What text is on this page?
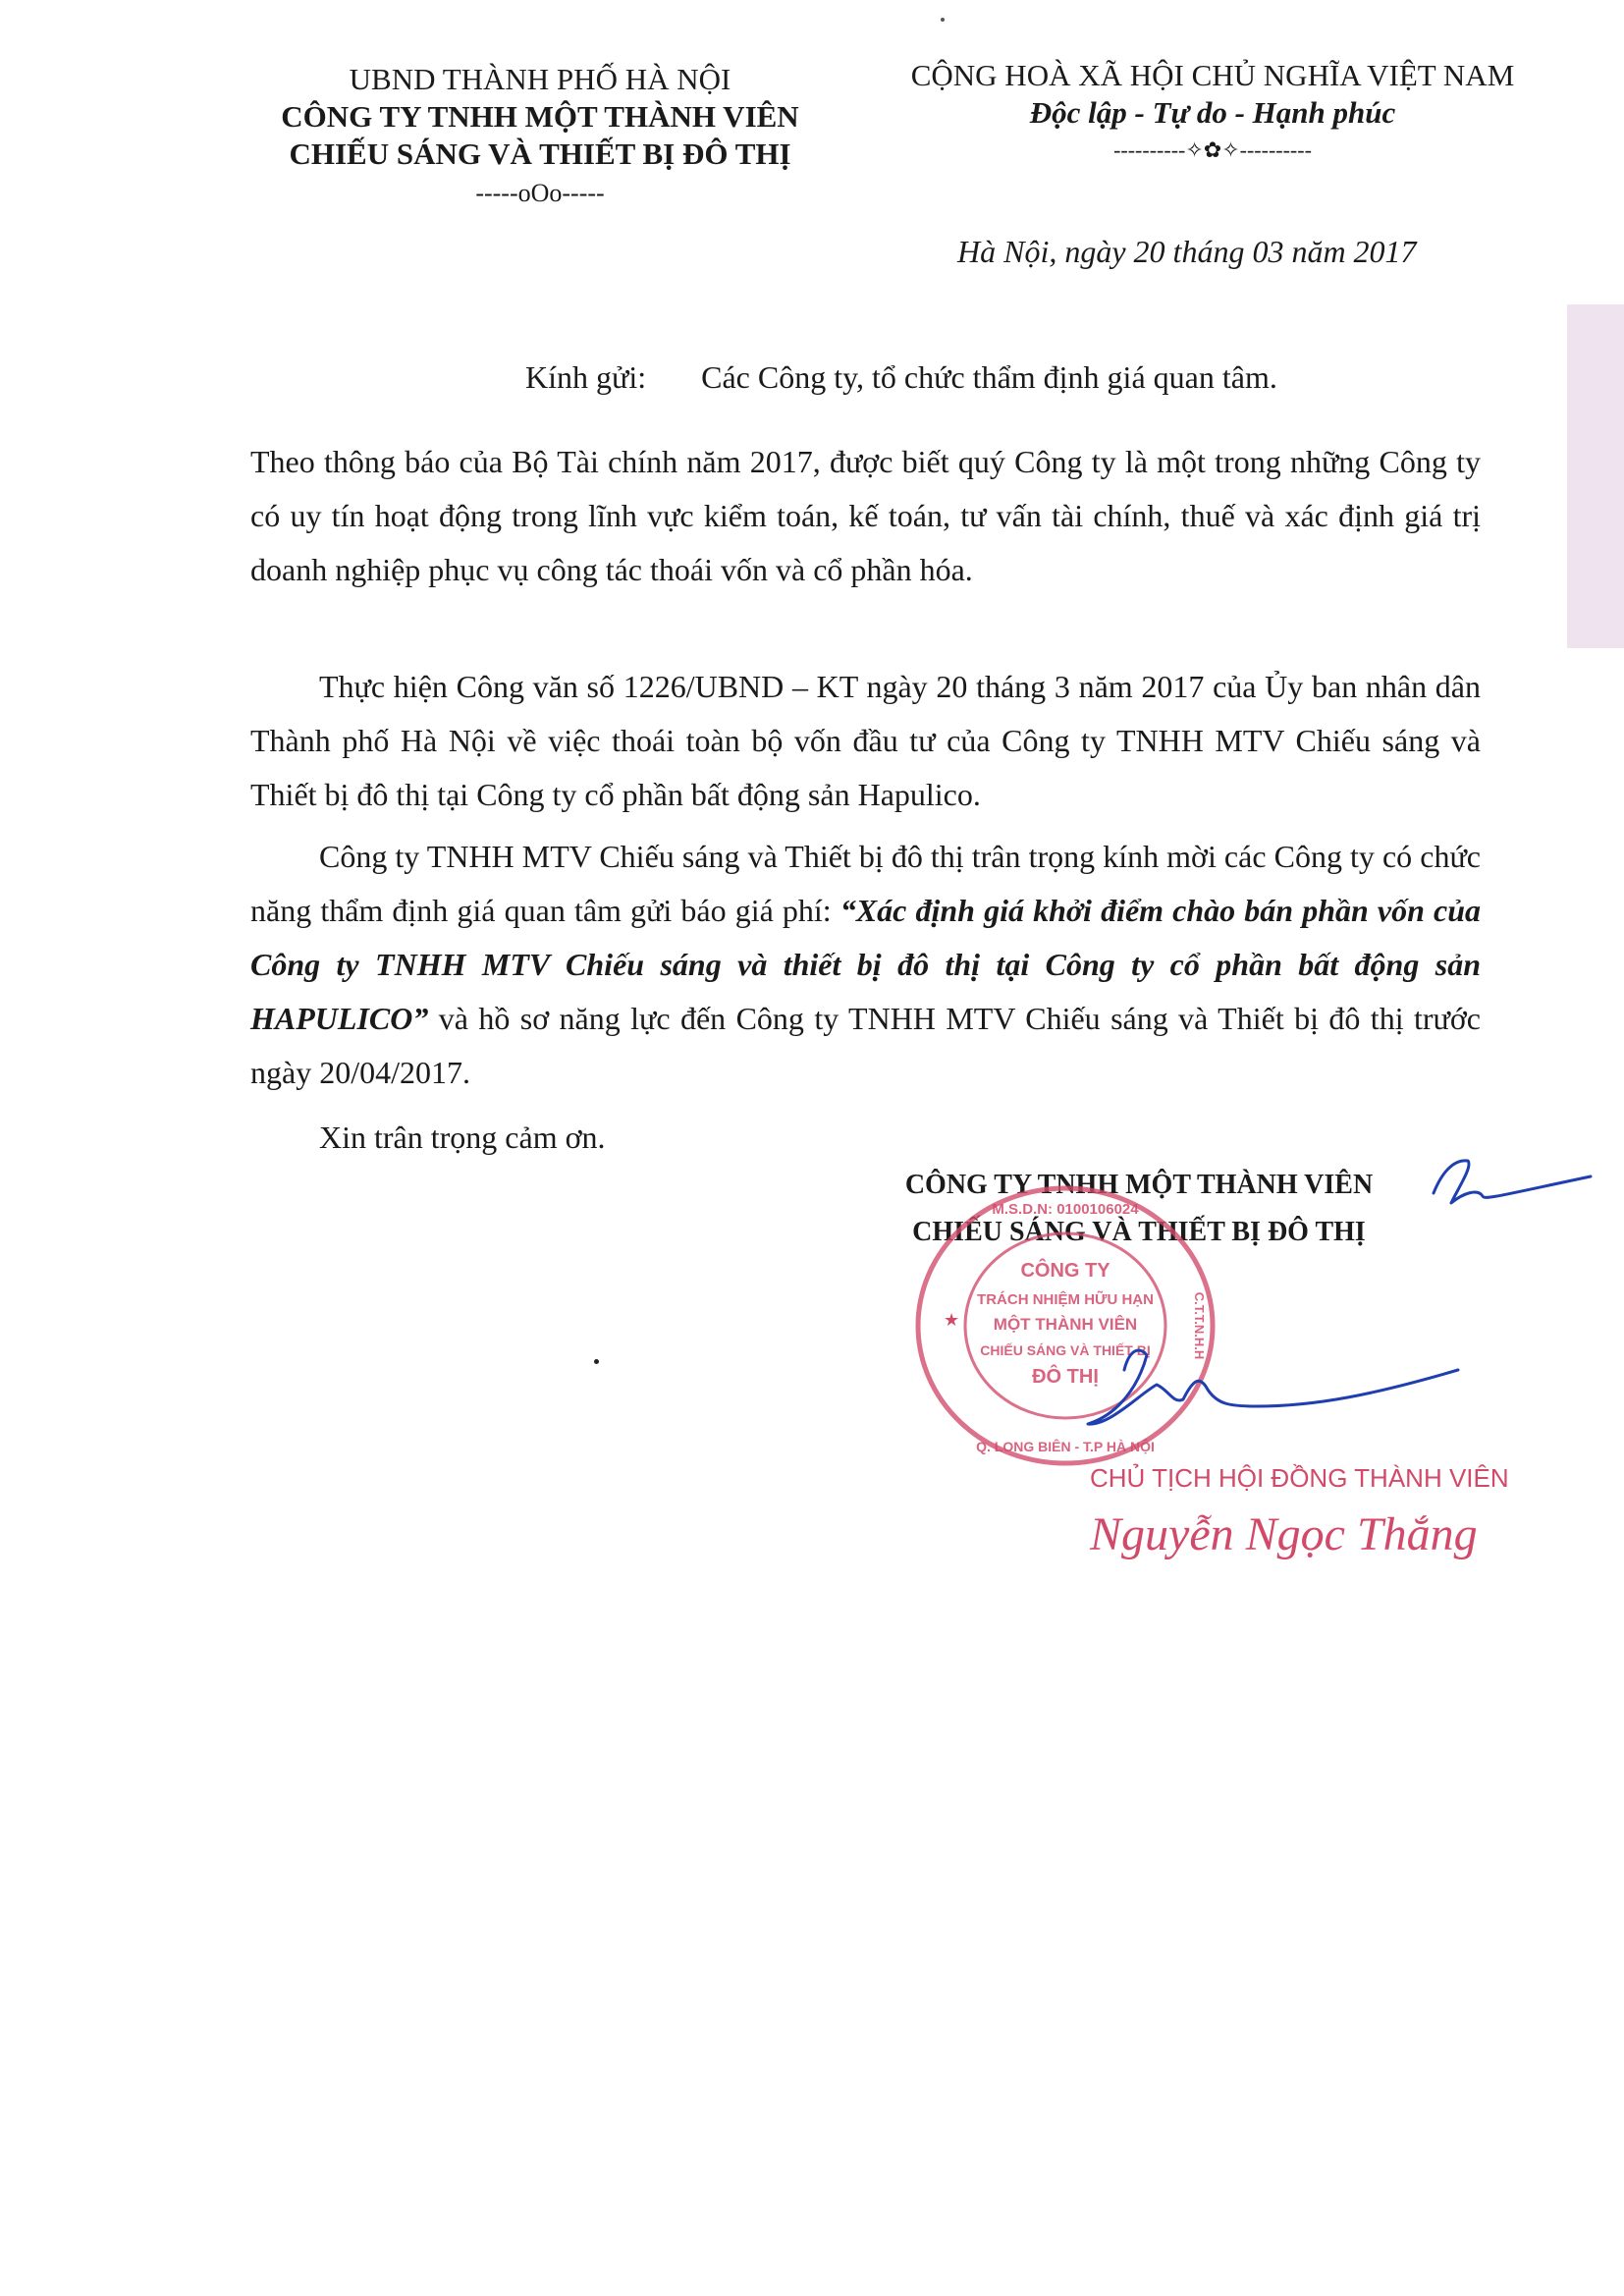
UBND THÀNH PHỐ HÀ NỘI
CÔNG TY TNHH MỘT THÀNH VIÊN
CHIẾU SÁNG VÀ THIẾT BỊ ĐÔ THỊ
-----oOo-----
CỘNG HOÀ XÃ HỘI CHỦ NGHĨA VIỆT NAM
Độc lập - Tự do - Hạnh phúc
----------✧✿✧----------
Hà Nội, ngày 20 tháng 03 năm 2017
Kính gửi: Các Công ty, tổ chức thẩm định giá quan tâm.
Theo thông báo của Bộ Tài chính năm 2017, được biết quý Công ty là một trong những Công ty có uy tín hoạt động trong lĩnh vực kiểm toán, kế toán, tư vấn tài chính, thuế và xác định giá trị doanh nghiệp phục vụ công tác thoái vốn và cổ phần hóa.
Thực hiện Công văn số 1226/UBND – KT ngày 20 tháng 3 năm 2017 của Ủy ban nhân dân Thành phố Hà Nội về việc thoái toàn bộ vốn đầu tư của Công ty TNHH MTV Chiếu sáng và Thiết bị đô thị tại Công ty cổ phần bất động sản Hapulico.
Công ty TNHH MTV Chiếu sáng và Thiết bị đô thị trân trọng kính mời các Công ty có chức năng thẩm định giá quan tâm gửi báo giá phí: “Xác định giá khởi điểm chào bán phần vốn của Công ty TNHH MTV Chiếu sáng và thiết bị đô thị tại Công ty cổ phần bất động sản HAPULICO” và hồ sơ năng lực đến Công ty TNHH MTV Chiếu sáng và Thiết bị đô thị trước ngày 20/04/2017.
Xin trân trọng cảm ơn.
CÔNG TY TNHH MỘT THÀNH VIÊN
CHIẾU SÁNG VÀ THIẾT BỊ ĐÔ THỊ
CÔNG TY
TRÁCH NHIỆM HỮU HẠN
MỘT THÀNH VIÊN
CHIẾU SÁNG VÀ THIẾT BỊ
ĐÔ THỊ
M.S.D.N: 0100106024
Q. LONG BIÊN - T.P HÀ NỘI
C.T.T.N.H.H
★
CHỦ TỊCH HỘI ĐỒNG THÀNH VIÊN
Nguyễn Ngọc Thắng
